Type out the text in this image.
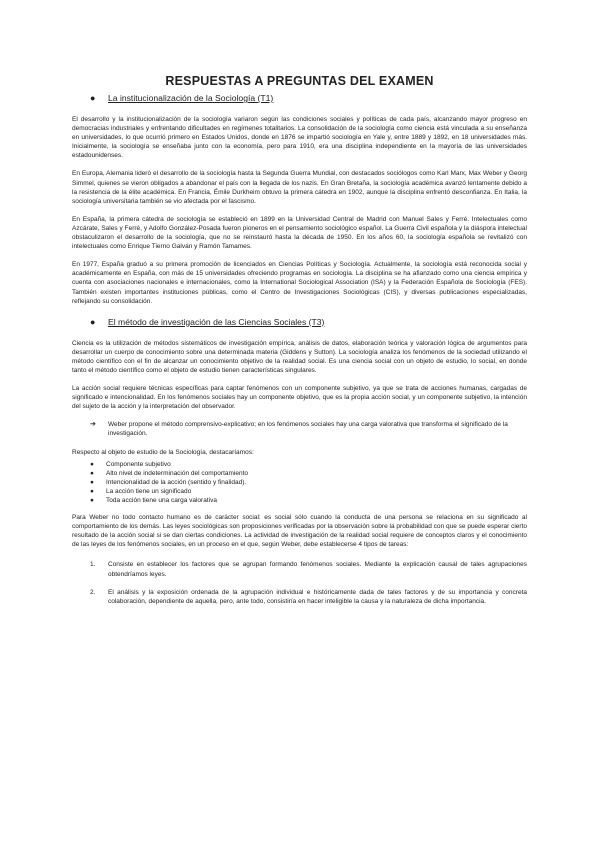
RESPUESTAS A PREGUNTAS DEL EXAMEN
●	La institucionalización de la Sociología (T1)

El desarrollo y la institucionalización de la sociología variaron según las condiciones sociales y políticas de cada país, alcanzando mayor progreso en democracias industriales y enfrentando dificultades en regímenes totalitarios. La consolidación de la sociología como ciencia está vinculada a su enseñanza en universidades, lo que ocurrió primero en Estados Unidos, donde en 1876 se impartió sociología en Yale y, entre 1889 y 1892, en 18 universidades más. Inicialmente, la sociología se enseñaba junto con la economía, pero para 1910, era una disciplina independiente en la mayoría de las universidades estadounidenses.

En Europa, Alemania lideró el desarrollo de la sociología hasta la Segunda Guerra Mundial, con destacados sociólogos como Karl Marx, Max Weber y Georg Simmel, quienes se vieron obligados a abandonar el país con la llegada de los nazis. En Gran Bretaña, la sociología académica avanzó lentamente debido a la resistencia de la élite académica. En Francia, Émile Durkheim obtuvo la primera cátedra en 1902, aunque la disciplina enfrentó desconfianza. En Italia, la sociología universitaria también se vio afectada por el fascismo.

En España, la primera cátedra de sociología se estableció en 1899 en la Universidad Central de Madrid con Manuel Sales y Ferré. Intelectuales como Azcárate, Sales y Ferré, y Adolfo González-Posada fueron pioneros en el pensamiento sociológico español. La Guerra Civil española y la diáspora intelectual obstaculizaron el desarrollo de la sociología, que no se reinstauró hasta la década de 1950. En los años 60, la sociología española se revitalizó con intelectuales como Enrique Tierno Galván y Ramón Tamames.

En 1977, España graduó a su primera promoción de licenciados en Ciencias Políticas y Sociología. Actualmente, la sociología está reconocida social y académicamente en España, con más de 15 universidades ofreciendo programas en sociología. La disciplina se ha afianzado como una ciencia empírica y cuenta con asociaciones nacionales e internacionales, como la International Sociological Association (ISA) y la Federación Española de Sociología (FES). También existen importantes instituciones públicas, como el Centro de Investigaciones Sociológicas (CIS), y diversas publicaciones especializadas, reflejando su consolidación.

●	El método de investigación de las Ciencias Sociales (T3)

Ciencia es la utilización de métodos sistemáticos de investigación empírica, análisis de datos, elaboración teórica y valoración lógica de argumentos para desarrollar un cuerpo de conocimiento sobre una determinada materia (Giddens y Sutton). La sociología analiza los fenómenos de la sociedad utilizando el método científico con el fin de alcanzar un conocimiento objetivo de la realidad social. Es una ciencia social con un objeto de estudio, lo social, en donde tanto el método científico como el objeto de estudio tienen características singulares.

La acción social requiere técnicas específicas para captar fenómenos con un componente subjetivo, ya que se trata de acciones humanas, cargadas de significado e intencionalidad. En los fenómenos sociales hay un componente objetivo, que es la propia acción social, y un componente subjetivo, la intención del sujeto de la acción y la interpretación del observador.

➔	Weber propone el método comprensivo-explicativo; en los fenómenos sociales hay una carga valorativa que transforma el significado de la investigación.

Respecto al objeto de estudio de la Sociología, destacaríamos:

●	Componente subjetivo
●	Alto nivel de indeterminación del comportamiento
●	Intencionalidad de la acción (sentido y finalidad).
●	La acción tiene un significado
●	Toda acción tiene una carga valorativa

Para Weber no todo contacto humano es de carácter social: es social sólo cuando la conducta de una persona se relaciona en su significado al comportamiento de los demás. Las leyes sociológicas son proposiciones verificadas por la observación sobre la probabilidad con que se puede esperar cierto resultado de la acción social si se dan ciertas condiciones. La actividad de investigación de la realidad social requiere de conceptos claros y el conocimiento de las leyes de los fenómenos sociales, en un proceso en el que, según Weber, debe establecerse 4 tipos de tareas:

1.	Consiste en establecer los factores que se agrupan formando fenómenos sociales. Mediante la explicación causal de tales agrupaciones obtendríamos leyes.
2.	El análisis y la exposición ordenada de la agrupación individual e históricamente dada de tales factores y de su importancia y concreta colaboración, dependiente de aquella, pero, ante todo, consistiría en hacer inteligible la causa y la naturaleza de dicha importancia.
